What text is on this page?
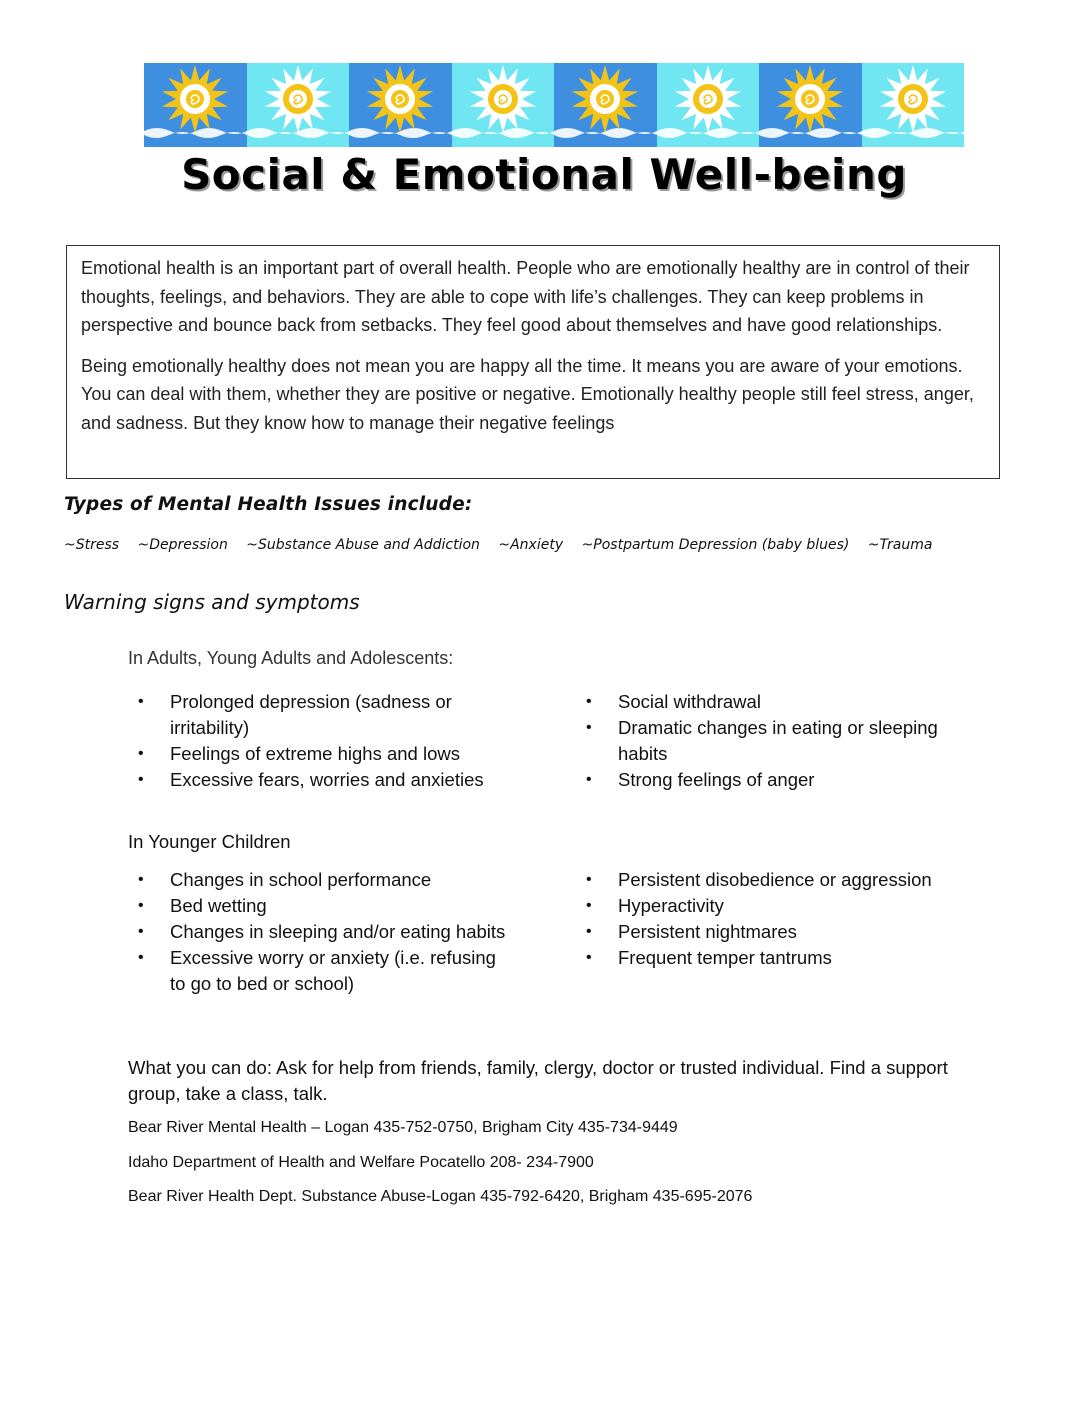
Social & Emotional Well-being

Emotional health is an important part of overall health. People who are emotionally healthy are in control of their thoughts, feelings, and behaviors. They are able to cope with life’s challenges. They can keep problems in perspective and bounce back from setbacks. They feel good about themselves and have good relationships.

Being emotionally healthy does not mean you are happy all the time. It means you are aware of your emotions. You can deal with them, whether they are positive or negative. Emotionally healthy people still feel stress, anger, and sadness. But they know how to manage their negative feelings

Types of Mental Health Issues include:
~Stress ~Depression ~Substance Abuse and Addiction ~Anxiety ~Postpartum Depression (baby blues) ~Trauma
Warning signs and symptoms
In Adults, Young Adults and Adolescents:
• Prolonged depression (sadness or irritability)
• Feelings of extreme highs and lows
• Excessive fears, worries and anxieties
• Social withdrawal
• Dramatic changes in eating or sleeping habits
• Strong feelings of anger
In Younger Children
• Changes in school performance
• Bed wetting
• Changes in sleeping and/or eating habits
• Excessive worry or anxiety (i.e. refusing to go to bed or school)
• Persistent disobedience or aggression
• Hyperactivity
• Persistent nightmares
• Frequent temper tantrums
What you can do: Ask for help from friends, family, clergy, doctor or trusted individual. Find a support group, take a class, talk.
Bear River Mental Health – Logan 435-752-0750, Brigham City 435-734-9449
Idaho Department of Health and Welfare Pocatello 208- 234-7900
Bear River Health Dept. Substance Abuse-Logan 435-792-6420, Brigham 435-695-2076
